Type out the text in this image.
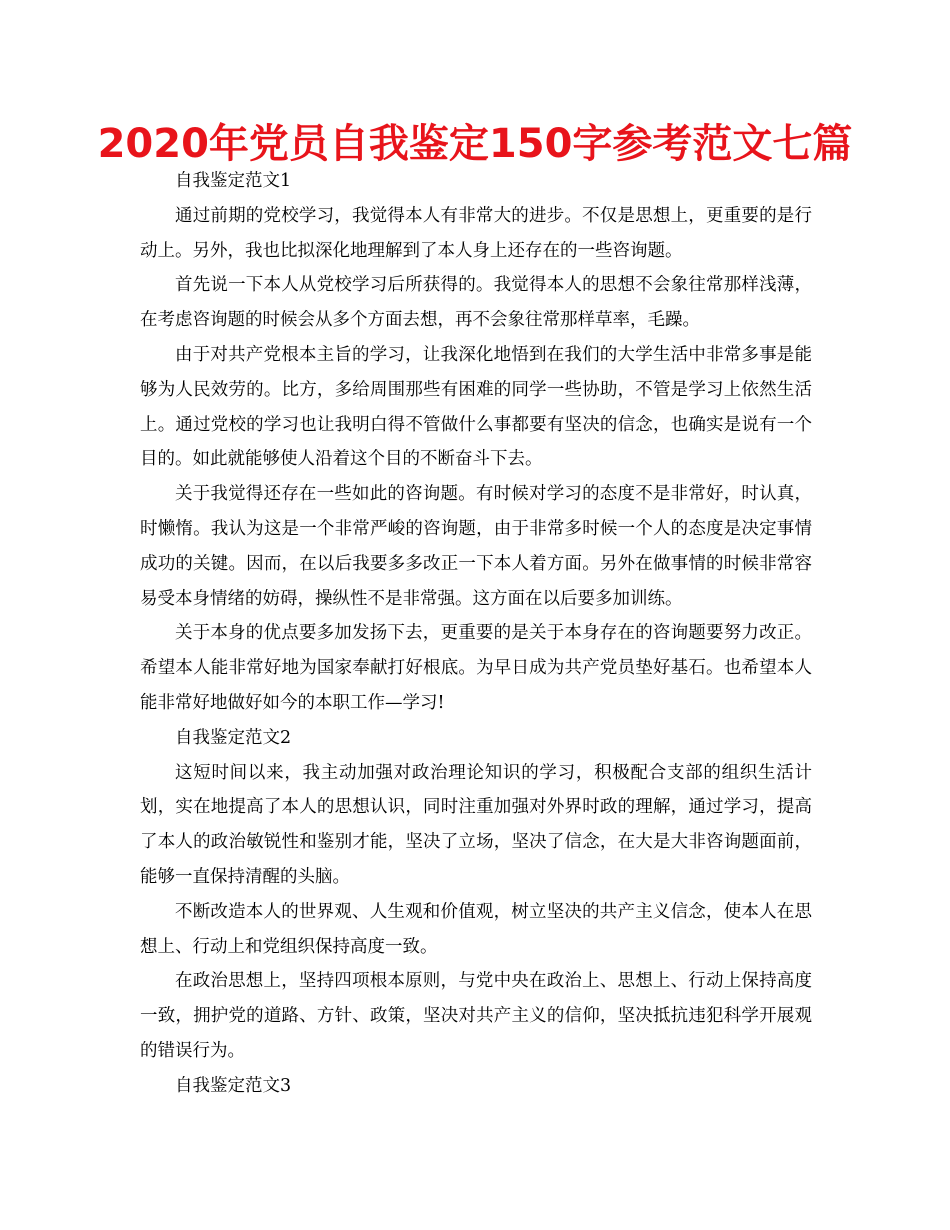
2020年党员自我鉴定150字参考范文七篇

自我鉴定范文1

通过前期的党校学习，我觉得本人有非常大的进步。不仅是思想上，更重要的是行动上。另外，我也比拟深化地理解到了本人身上还存在的一些咨询题。

首先说一下本人从党校学习后所获得的。我觉得本人的思想不会象往常那样浅薄，在考虑咨询题的时候会从多个方面去想，再不会象往常那样草率，毛躁。

由于对共产党根本主旨的学习，让我深化地悟到在我们的大学生活中非常多事是能够为人民效劳的。比方，多给周围那些有困难的同学一些协助，不管是学习上依然生活上。通过党校的学习也让我明白得不管做什么事都要有坚决的信念，也确实是说有一个目的。如此就能够使人沿着这个目的不断奋斗下去。

关于我觉得还存在一些如此的咨询题。有时候对学习的态度不是非常好，时认真，时懒惰。我认为这是一个非常严峻的咨询题，由于非常多时候一个人的态度是决定事情成功的关键。因而，在以后我要多多改正一下本人着方面。另外在做事情的时候非常容易受本身情绪的妨碍，操纵性不是非常强。这方面在以后要多加训练。

关于本身的优点要多加发扬下去，更重要的是关于本身存在的咨询题要努力改正。希望本人能非常好地为国家奉献打好根底。为早日成为共产党员垫好基石。也希望本人能非常好地做好如今的本职工作—学习!

自我鉴定范文2

这短时间以来，我主动加强对政治理论知识的学习，积极配合支部的组织生活计划，实在地提高了本人的思想认识，同时注重加强对外界时政的理解，通过学习，提高了本人的政治敏锐性和鉴别才能，坚决了立场，坚决了信念，在大是大非咨询题面前，能够一直保持清醒的头脑。

不断改造本人的世界观、人生观和价值观，树立坚决的共产主义信念，使本人在思想上、行动上和党组织保持高度一致。

在政治思想上，坚持四项根本原则，与党中央在政治上、思想上、行动上保持高度一致，拥护党的道路、方针、政策，坚决对共产主义的信仰，坚决抵抗违犯科学开展观的错误行为。

自我鉴定范文3
